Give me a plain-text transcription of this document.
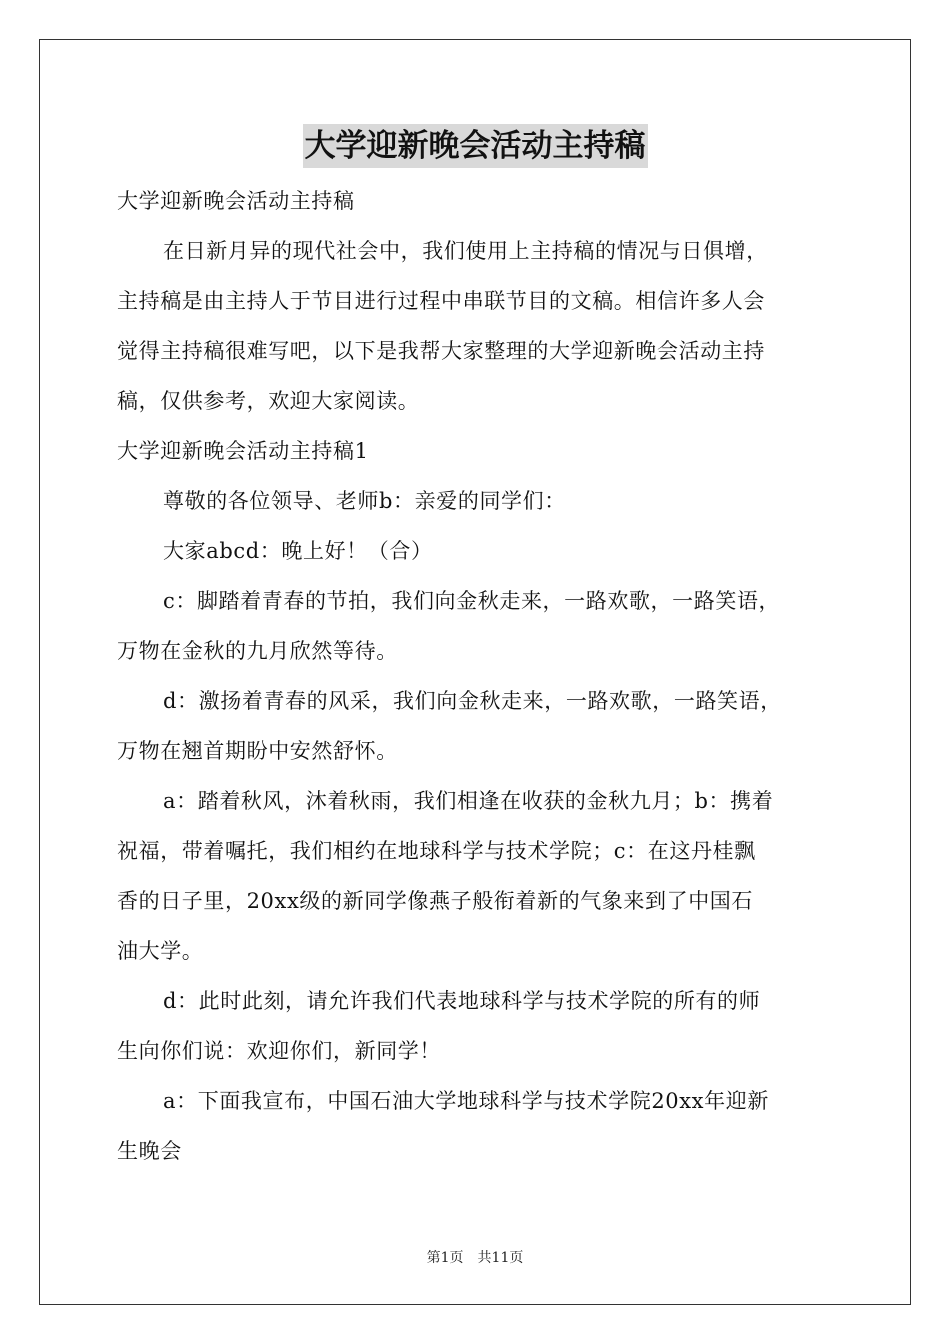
大学迎新晚会活动主持稿
大学迎新晚会活动主持稿
在日新月异的现代社会中，我们使用上主持稿的情况与日俱增，
主持稿是由主持人于节目进行过程中串联节目的文稿。相信许多人会
觉得主持稿很难写吧，以下是我帮大家整理的大学迎新晚会活动主持
稿，仅供参考，欢迎大家阅读。
大学迎新晚会活动主持稿1
尊敬的各位领导、老师b：亲爱的同学们：
大家abcd：晚上好！（合）
c：脚踏着青春的节拍，我们向金秋走来，一路欢歌，一路笑语，
万物在金秋的九月欣然等待。
d：激扬着青春的风采，我们向金秋走来，一路欢歌，一路笑语，
万物在翘首期盼中安然舒怀。
a：踏着秋风，沐着秋雨，我们相逢在收获的金秋九月；b：携着
祝福，带着嘱托，我们相约在地球科学与技术学院；c：在这丹桂飘
香的日子里，20xx级的新同学像燕子般衔着新的气象来到了中国石
油大学。
d：此时此刻，请允许我们代表地球科学与技术学院的所有的师
生向你们说：欢迎你们，新同学！
a：下面我宣布，中国石油大学地球科学与技术学院20xx年迎新
生晚会
第1页　共11页
